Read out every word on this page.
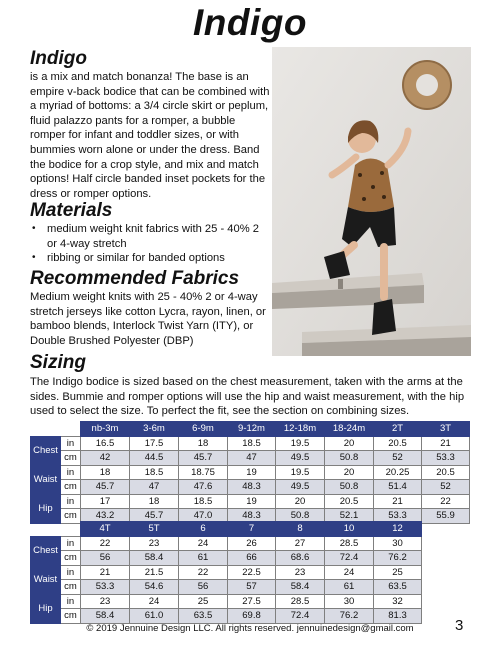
Indigo
Indigo

is a mix and match bonanza! The base is an empire v-back bodice that can be combined with a myriad of bottoms: a 3/4 circle skirt or peplum, fluid palazzo pants for a romper, a bubble romper for infant and toddler sizes, or with bummies worn alone or under the dress. Band the bodice for a crop style, and mix and match options! Half circle banded inset pockets for the dress or romper options.

Materials
• medium weight knit fabrics with 25 - 40% 2 or 4-way stretch
• ribbing or similar for banded options
Recommended Fabrics

Medium weight knits with 25 - 40% 2 or 4-way stretch jerseys like cotton Lycra, rayon, linen, or bamboo blends, Interlock Twist Yarn (ITY), or Double Brushed Polyester (DBP)

Sizing

The Indigo bodice is sized based on the chest measurement, taken with the arms at the sides. Bummie and romper options will use the hip and waist measurement, with the hip used to select the size. To perfect the fit, see the section on combining sizes.

		nb-3m	3-6m	6-9m	9-12m	12-18m	18-24m	2T	3T
Chest	in	16.5	17.5	18	18.5	19.5	20	20.5	21
	cm	42	44.5	45.7	47	49.5	50.8	52	53.3
Waist	in	18	18.5	18.75	19	19.5	20	20.25	20.5
	cm	45.7	47	47.6	48.3	49.5	50.8	51.4	52
Hip	in	17	18	18.5	19	20	20.5	21	22
	cm	43.2	45.7	47.0	48.3	50.8	52.1	53.3	55.9
		4T	5T	6	7	8	10	12
Chest	in	22	23	24	26	27	28.5	30
	cm	56	58.4	61	66	68.6	72.4	76.2
Waist	in	21	21.5	22	22.5	23	24	25
	cm	53.3	54.6	56	57	58.4	61	63.5
Hip	in	23	24	25	27.5	28.5	30	32
	cm	58.4	61.0	63.5	69.8	72.4	76.2	81.3
© 2019 Jennuine Design LLC. All rights reserved. jennuinedesign@gmail.com	3
